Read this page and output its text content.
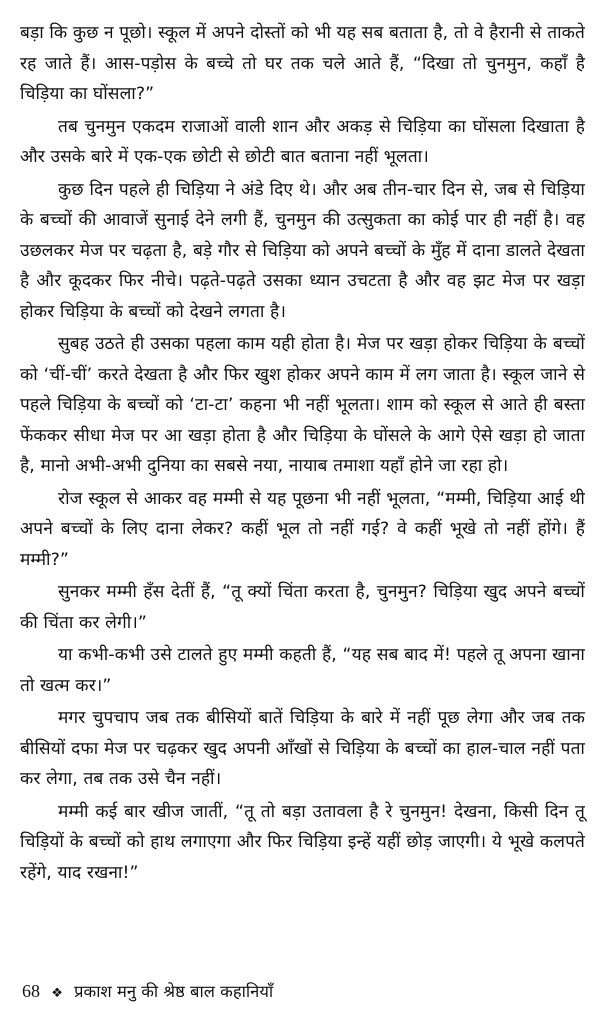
बड़ा कि कुछ न पूछो। स्कूल में अपने दोस्तों को भी यह सब बताता है, तो वे हैरानी से ताकते रह जाते हैं। आस-पड़ोस के बच्चे तो घर तक चले आते हैं, “दिखा तो चुनमुन, कहाँ है चिड़िया का घोंसला?”

तब चुनमुन एकदम राजाओं वाली शान और अकड़ से चिड़िया का घोंसला दिखाता है और उसके बारे में एक-एक छोटी से छोटी बात बताना नहीं भूलता।

कुछ दिन पहले ही चिड़िया ने अंडे दिए थे। और अब तीन-चार दिन से, जब से चिड़िया के बच्चों की आवाजें सुनाई देने लगी हैं, चुनमुन की उत्सुकता का कोई पार ही नहीं है। वह उछलकर मेज पर चढ़ता है, बड़े गौर से चिड़िया को अपने बच्चों के मुँह में दाना डालते देखता है और कूदकर फिर नीचे। पढ़ते-पढ़ते उसका ध्यान उचटता है और वह झट मेज पर खड़ा होकर चिड़िया के बच्चों को देखने लगता है।

सुबह उठते ही उसका पहला काम यही होता है। मेज पर खड़ा होकर चिड़िया के बच्चों को ‘चीं-चीं’ करते देखता है और फिर खुश होकर अपने काम में लग जाता है। स्कूल जाने से पहले चिड़िया के बच्चों को ‘टा-टा’ कहना भी नहीं भूलता। शाम को स्कूल से आते ही बस्ता फेंककर सीधा मेज पर आ खड़ा होता है और चिड़िया के घोंसले के आगे ऐसे खड़ा हो जाता है, मानो अभी-अभी दुनिया का सबसे नया, नायाब तमाशा यहाँ होने जा रहा हो।

रोज स्कूल से आकर वह मम्मी से यह पूछना भी नहीं भूलता, “मम्मी, चिड़िया आई थी अपने बच्चों के लिए दाना लेकर? कहीं भूल तो नहीं गई? वे कहीं भूखे तो नहीं होंगे। हैं मम्मी?”

सुनकर मम्मी हँस देतीं हैं, “तू क्यों चिंता करता है, चुनमुन? चिड़िया खुद अपने बच्चों की चिंता कर लेगी।”

या कभी-कभी उसे टालते हुए मम्मी कहती हैं, “यह सब बाद में! पहले तू अपना खाना तो खत्म कर।”

मगर चुपचाप जब तक बीसियों बातें चिड़िया के बारे में नहीं पूछ लेगा और जब तक बीसियों दफा मेज पर चढ़कर खुद अपनी आँखों से चिड़िया के बच्चों का हाल-चाल नहीं पता कर लेगा, तब तक उसे चैन नहीं।

मम्मी कई बार खीज जातीं, “तू तो बड़ा उतावला है रे चुनमुन! देखना, किसी दिन तू चिड़ियों के बच्चों को हाथ लगाएगा और फिर चिड़िया इन्हें यहीं छोड़ जाएगी। ये भूखे कलपते रहेंगे, याद रखना!”

68 ❖ प्रकाश मनु की श्रेष्ठ बाल कहानियाँ
